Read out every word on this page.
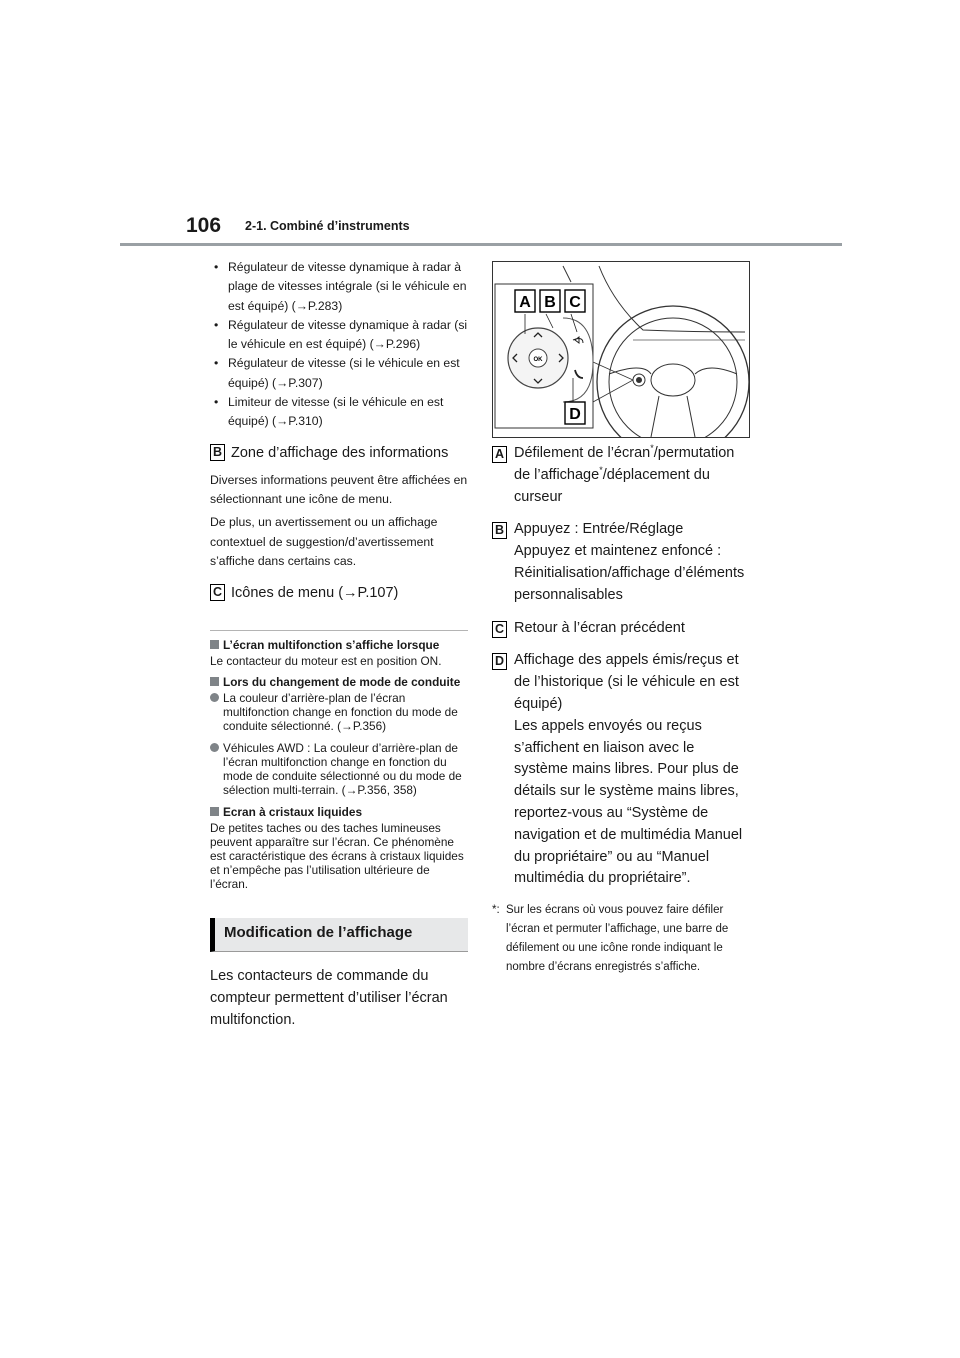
106 2-1. Combiné d’instruments
• Régulateur de vitesse dynamique à radar à plage de vitesses intégrale (si le véhicule en est équipé) (→P.283)
• Régulateur de vitesse dynamique à radar (si le véhicule en est équipé) (→P.296)
• Régulateur de vitesse (si le véhicule en est équipé) (→P.307)
• Limiteur de vitesse (si le véhicule en est équipé) (→P.310)
B Zone d’affichage des informations

Diverses informations peuvent être affichées en sélectionnant une icône de menu.

De plus, un avertissement ou un affichage contextuel de suggestion/d’avertissement s’affiche dans certains cas.

C Icônes de menu (→P.107)
L’écran multifonction s’affiche lorsque

Le contacteur du moteur est en position ON.

Lors du changement de mode de conduite

La couleur d’arrière-plan de l’écran multifonction change en fonction du mode de conduite sélectionné. (→P.356)

Véhicules AWD : La couleur d’arrière-plan de l’écran multifonction change en fonction du mode de conduite sélectionné ou du mode de sélection multi-terrain. (→P.356, 358)

Ecran à cristaux liquides

De petites taches ou des taches lumineuses peuvent apparaître sur l’écran. Ce phénomène est caractéristique des écrans à cristaux liquides et n’empêche pas l’utilisation ultérieure de l’écran.

Modification de l’affichage
Les contacteurs de commande du compteur permettent d’utiliser l’écran multifonction.
OK
A B C
D
A Défilement de l’écran*/permutation de l’affichage*/déplacement du curseur
B Appuyez : Entrée/Réglage
Appuyez et maintenez enfoncé : Réinitialisation/affichage d’éléments personnalisables
C Retour à l’écran précédent
D Affichage des appels émis/reçus et de l’historique (si le véhicule en est équipé)
Les appels envoyés ou reçus s’affichent en liaison avec le système mains libres. Pour plus de détails sur le système mains libres, reportez-vous au “Système de navigation et de multimédia Manuel du propriétaire” ou au “Manuel multimédia du propriétaire”.
*: Sur les écrans où vous pouvez faire défiler l’écran et permuter l’affichage, une barre de défilement ou une icône ronde indiquant le nombre d’écrans enregistrés s’affiche.
